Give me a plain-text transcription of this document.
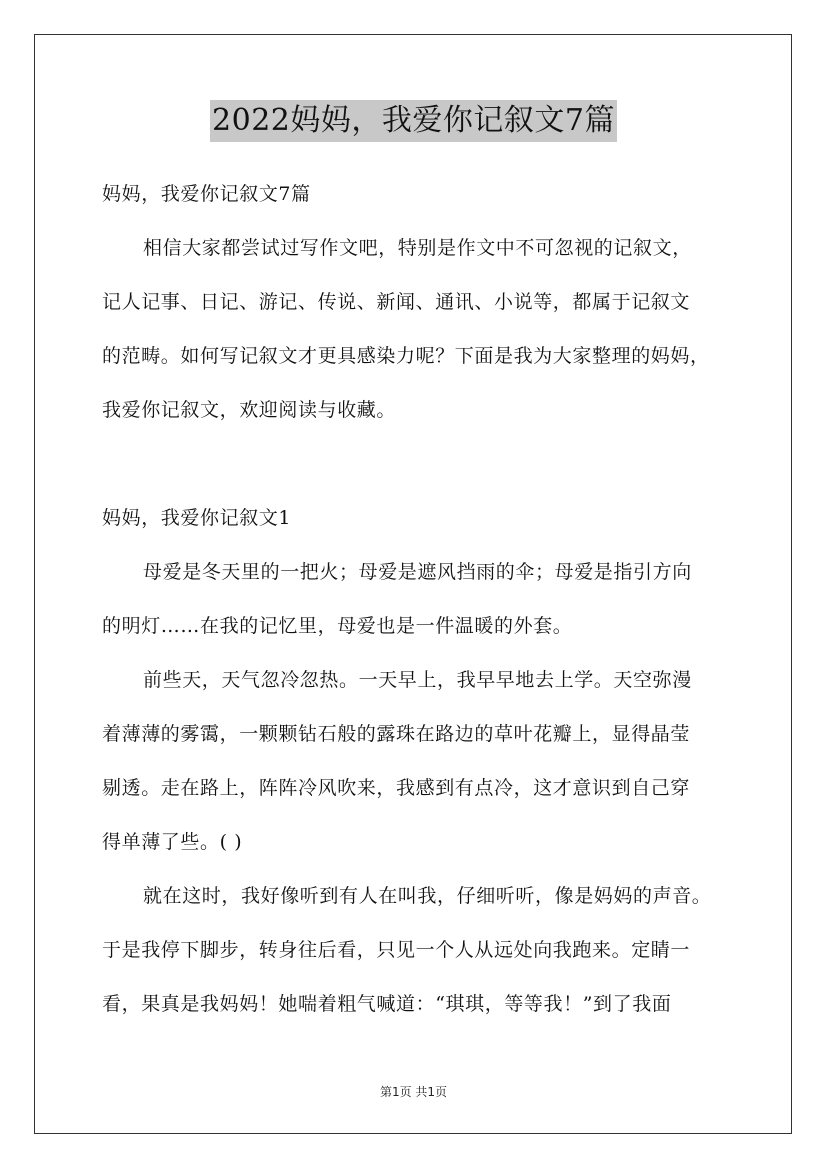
2022妈妈，我爱你记叙文7篇
妈妈，我爱你记叙文7篇
相信大家都尝试过写作文吧，特别是作文中不可忽视的记叙文，
记人记事、日记、游记、传说、新闻、通讯、小说等，都属于记叙文
的范畴。如何写记叙文才更具感染力呢？下面是我为大家整理的妈妈，
我爱你记叙文，欢迎阅读与收藏。
妈妈，我爱你记叙文1
母爱是冬天里的一把火；母爱是遮风挡雨的伞；母爱是指引方向
的明灯……在我的记忆里，母爱也是一件温暖的外套。
前些天，天气忽冷忽热。一天早上，我早早地去上学。天空弥漫
着薄薄的雾霭，一颗颗钻石般的露珠在路边的草叶花瓣上，显得晶莹
剔透。走在路上，阵阵冷风吹来，我感到有点冷，这才意识到自己穿
得单薄了些。( )
就在这时，我好像听到有人在叫我，仔细听听，像是妈妈的声音。
于是我停下脚步，转身往后看，只见一个人从远处向我跑来。定睛一
看，果真是我妈妈！她喘着粗气喊道：“琪琪，等等我！”到了我面
第1页 共1页
